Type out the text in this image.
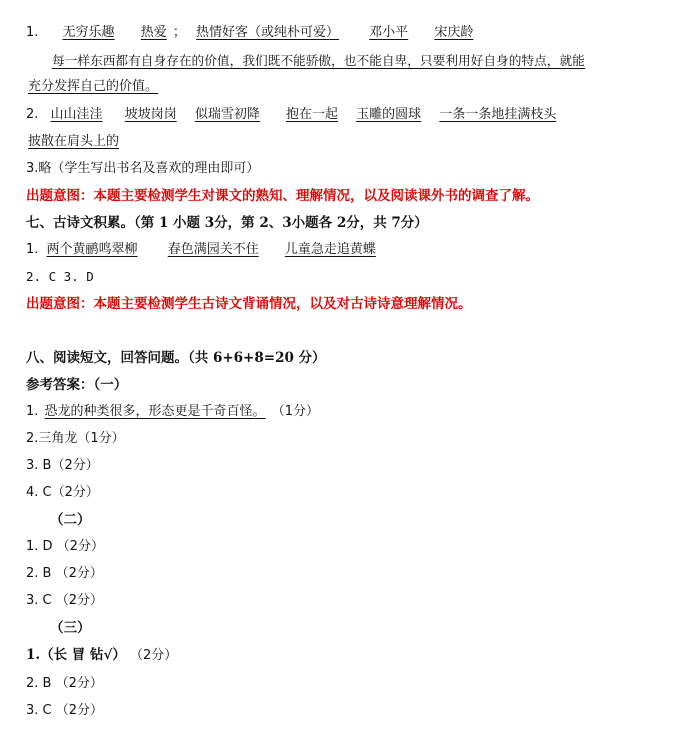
1. 无穷乐趣 热爱 ； 热情好客（或纯朴可爱） 邓小平 宋庆龄
每一样东西都有自身存在的价值，我们既不能骄傲，也不能自卑，只要利用好自身的特点，就能
充分发挥自己的价值。
2. 山山洼洼 坡坡岗岗 似瑞雪初降 抱在一起 玉雕的圆球 一条一条地挂满枝头
披散在肩头上的
3.略（学生写出书名及喜欢的理由即可）
出题意图：本题主要检测学生对课文的熟知、理解情况，以及阅读课外书的调查了解。
七、古诗文积累。（第 1 小题 3分，第 2、3小题各 2分，共 7分）
1. 两个黄鹂鸣翠柳 春色满园关不住 儿童急走追黄蝶
2. C 3. D
出题意图：本题主要检测学生古诗文背诵情况，以及对古诗诗意理解情况。
八、阅读短文，回答问题。（共 6+6+8=20 分）
参考答案：（一）
1. 恐龙的种类很多，形态更是千奇百怪。 （1分）
2.三角龙（1分）
3. B（2分）
4. C（2分）
（二）
1. D （2分）
2. B （2分）
3. C （2分）
（三）
1.（长 冒 钻√） （2分）
2. B （2分）
3. C （2分）
